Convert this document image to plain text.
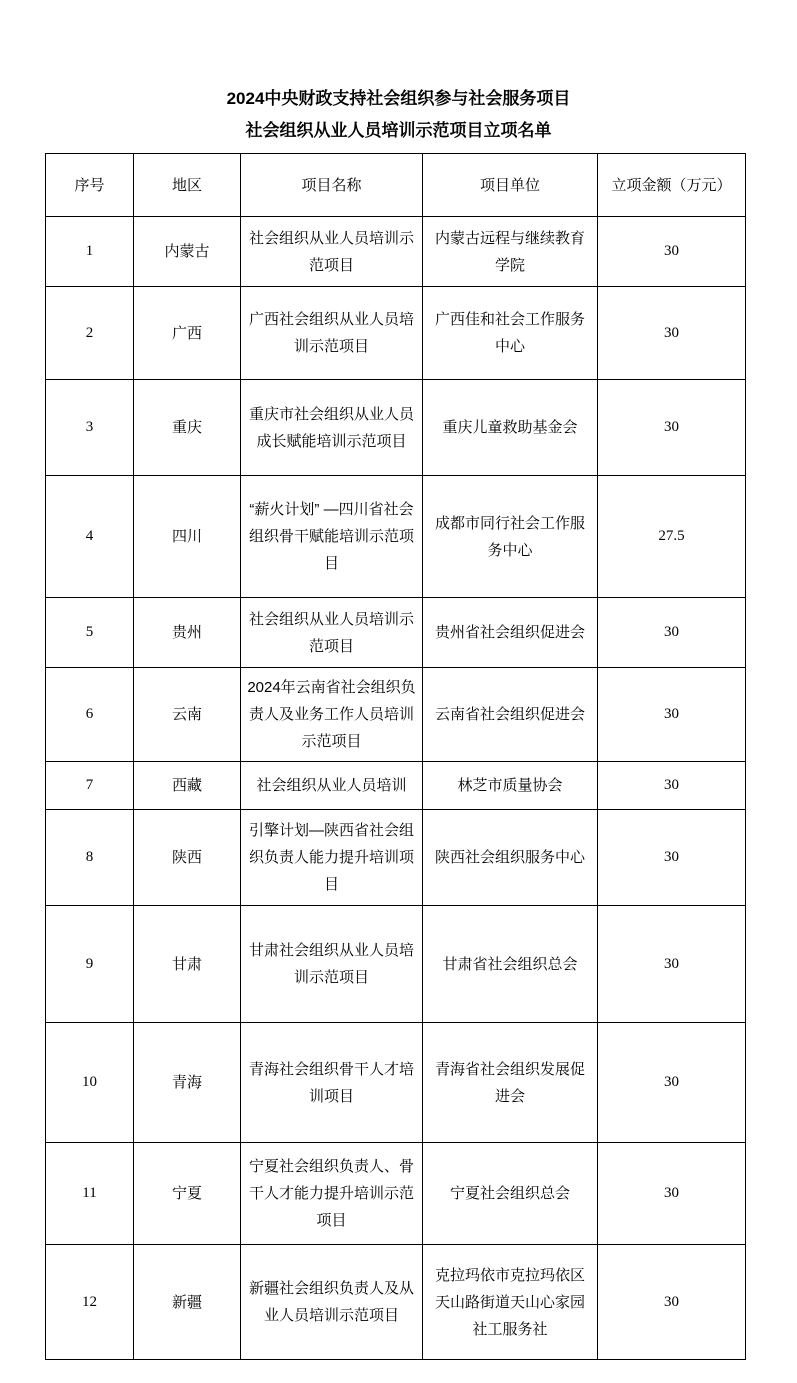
2024中央财政支持社会组织参与社会服务项目
社会组织从业人员培训示范项目立项名单
序号	地区	项目名称	项目单位	立项金额（万元）
1	内蒙古	社会组织从业人员培训示范项目	内蒙古远程与继续教育学院	30
2	广西	广西社会组织从业人员培训示范项目	广西佳和社会工作服务中心	30
3	重庆	重庆市社会组织从业人员成长赋能培训示范项目	重庆儿童救助基金会	30
4	四川	“薪火计划” —四川省社会组织骨干赋能培训示范项目	成都市同行社会工作服务中心	27.5
5	贵州	社会组织从业人员培训示范项目	贵州省社会组织促进会	30
6	云南	2024年云南省社会组织负责人及业务工作人员培训示范项目	云南省社会组织促进会	30
7	西藏	社会组织从业人员培训	林芝市质量协会	30
8	陕西	引擎计划—陕西省社会组织负责人能力提升培训项目	陕西社会组织服务中心	30
9	甘肃	甘肃社会组织从业人员培训示范项目	甘肃省社会组织总会	30
10	青海	青海社会组织骨干人才培训项目	青海省社会组织发展促进会	30
11	宁夏	宁夏社会组织负责人、骨干人才能力提升培训示范项目	宁夏社会组织总会	30
12	新疆	新疆社会组织负责人及从业人员培训示范项目	克拉玛依市克拉玛依区天山路街道天山心家园社工服务社	30
